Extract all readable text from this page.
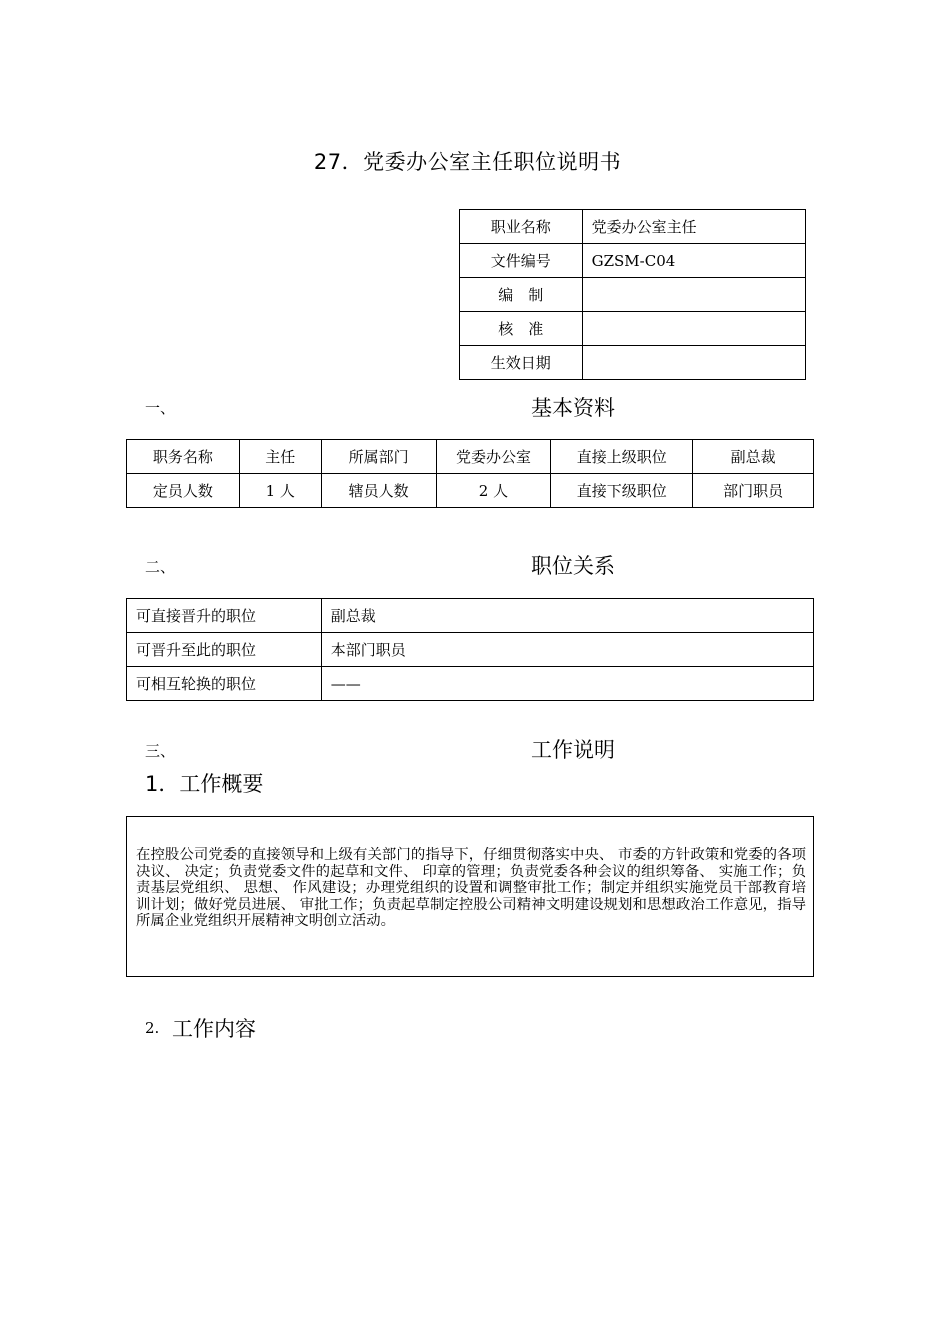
27．党委办公室主任职位说明书
职业名称	党委办公室主任
文件编号	GZSM-C04
编　制	
核　准	
生效日期	
一、	基本资料
职务名称	主任	所属部门	党委办公室	直接上级职位	副总裁
定员人数	1 人	辖员人数	2 人	直接下级职位	部门职员
二、	职位关系
可直接晋升的职位	副总裁
可晋升至此的职位	本部门职员
可相互轮换的职位	——
三、	工作说明
1．工作概要

在控股公司党委的直接领导和上级有关部门的指导下，仔细贯彻落实中央、 市委的方针政策和党委的各项决议、 决定；负责党委文件的起草和文件、 印章的管理；负责党委各种会议的组织筹备、 实施工作；负责基层党组织、 思想、 作风建设；办理党组织的设置和调整审批工作；制定并组织实施党员干部教育培训计划；做好党员进展、 审批工作；负责起草制定控股公司精神文明建设规划和思想政治工作意见，指导所属企业党组织开展精神文明创立活动。

2. 工作内容
